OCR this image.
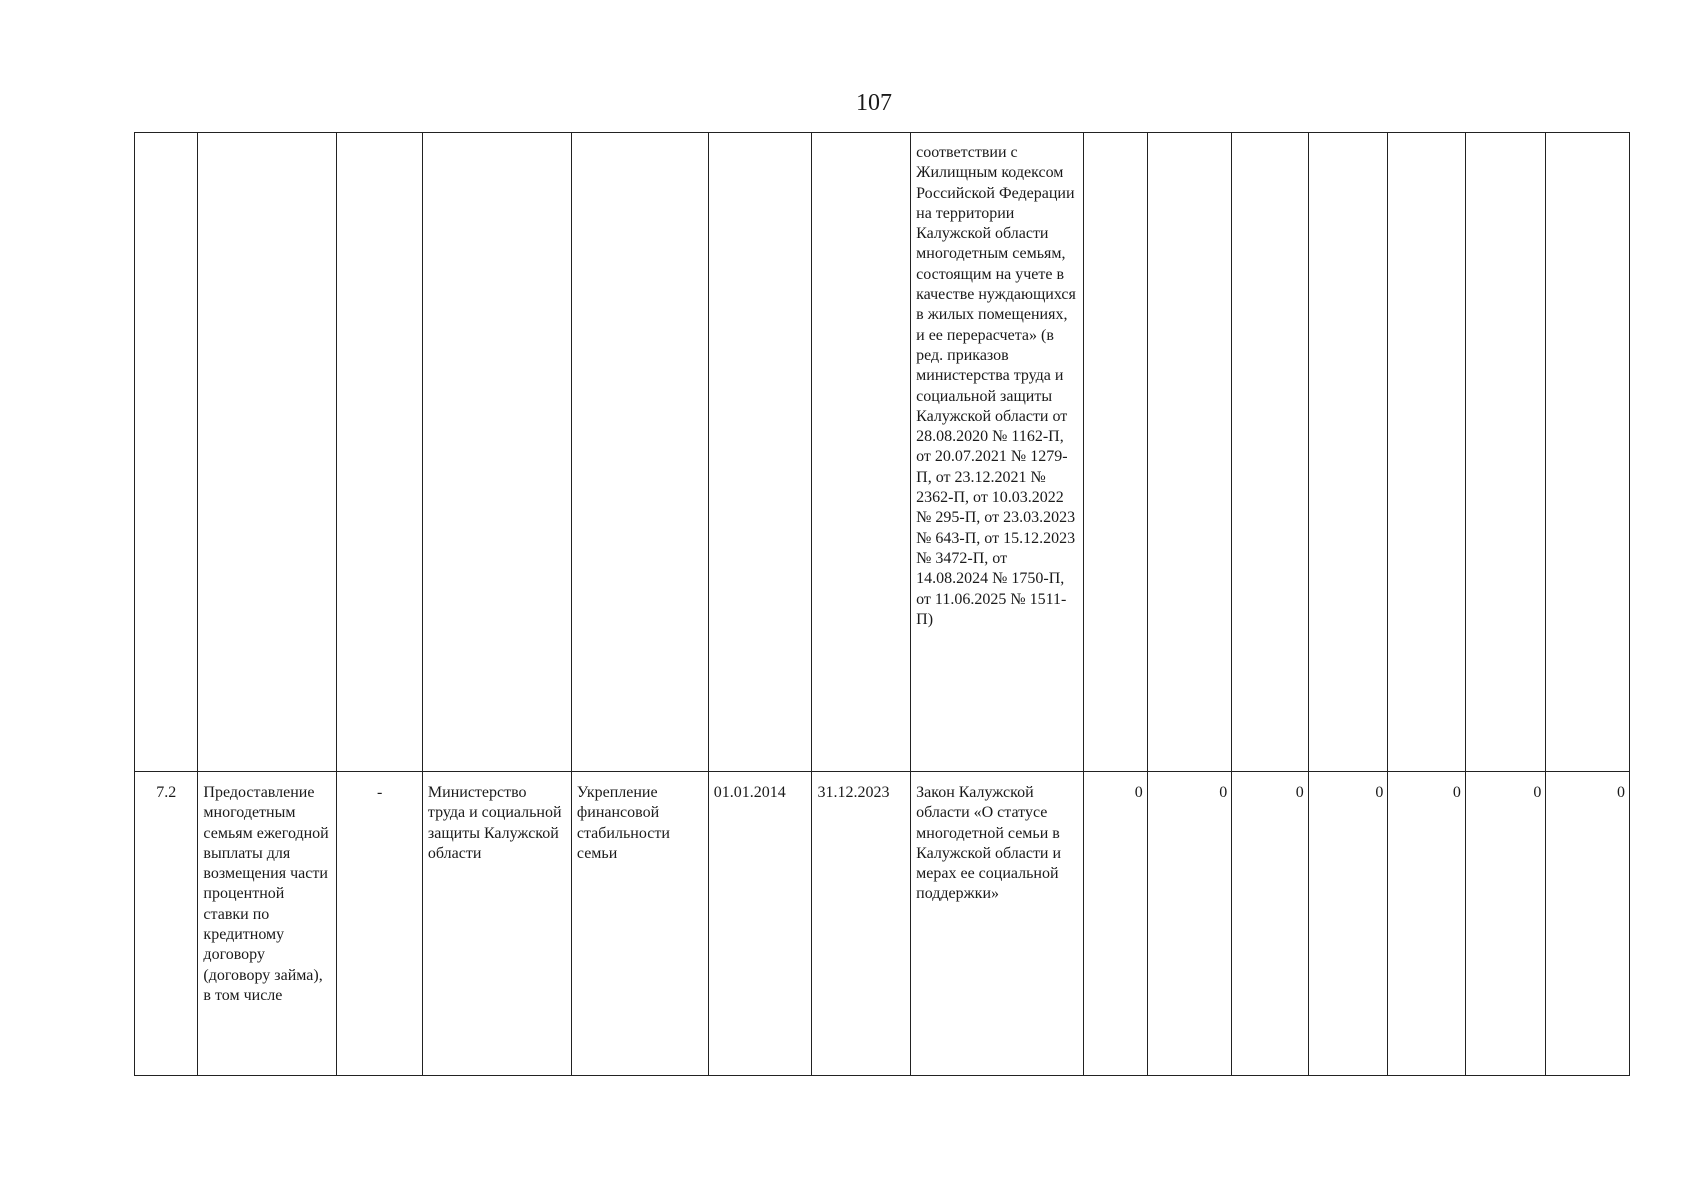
107
							соответствии с Жилищным кодексом Российской Федерации на территории Калужской области многодетным семьям, состоящим на учете в качестве нуждающихся в жилых помещениях, и ее перерасчета» (в ред. приказов министерства труда и социальной защиты Калужской области от 28.08.2020 № 1162-П, от 20.07.2021 № 1279-П, от 23.12.2021 № 2362-П, от 10.03.2022 № 295-П, от 23.03.2023 № 643-П, от 15.12.2023 № 3472-П, от 14.08.2024 № 1750-П, от 11.06.2025 № 1511-П)							
7.2	Предоставление многодетным семьям ежегодной выплаты для возмещения части процентной ставки по кредитному договору (договору займа), в том числе	-	Министерство труда и социальной защиты Калужской области	Укрепление финансовой стабильности семьи	01.01.2014	31.12.2023	Закон Калужской области «О статусе многодетной семьи в Калужской области и мерах ее социальной поддержки»	0	0	0	0	0	0	0
